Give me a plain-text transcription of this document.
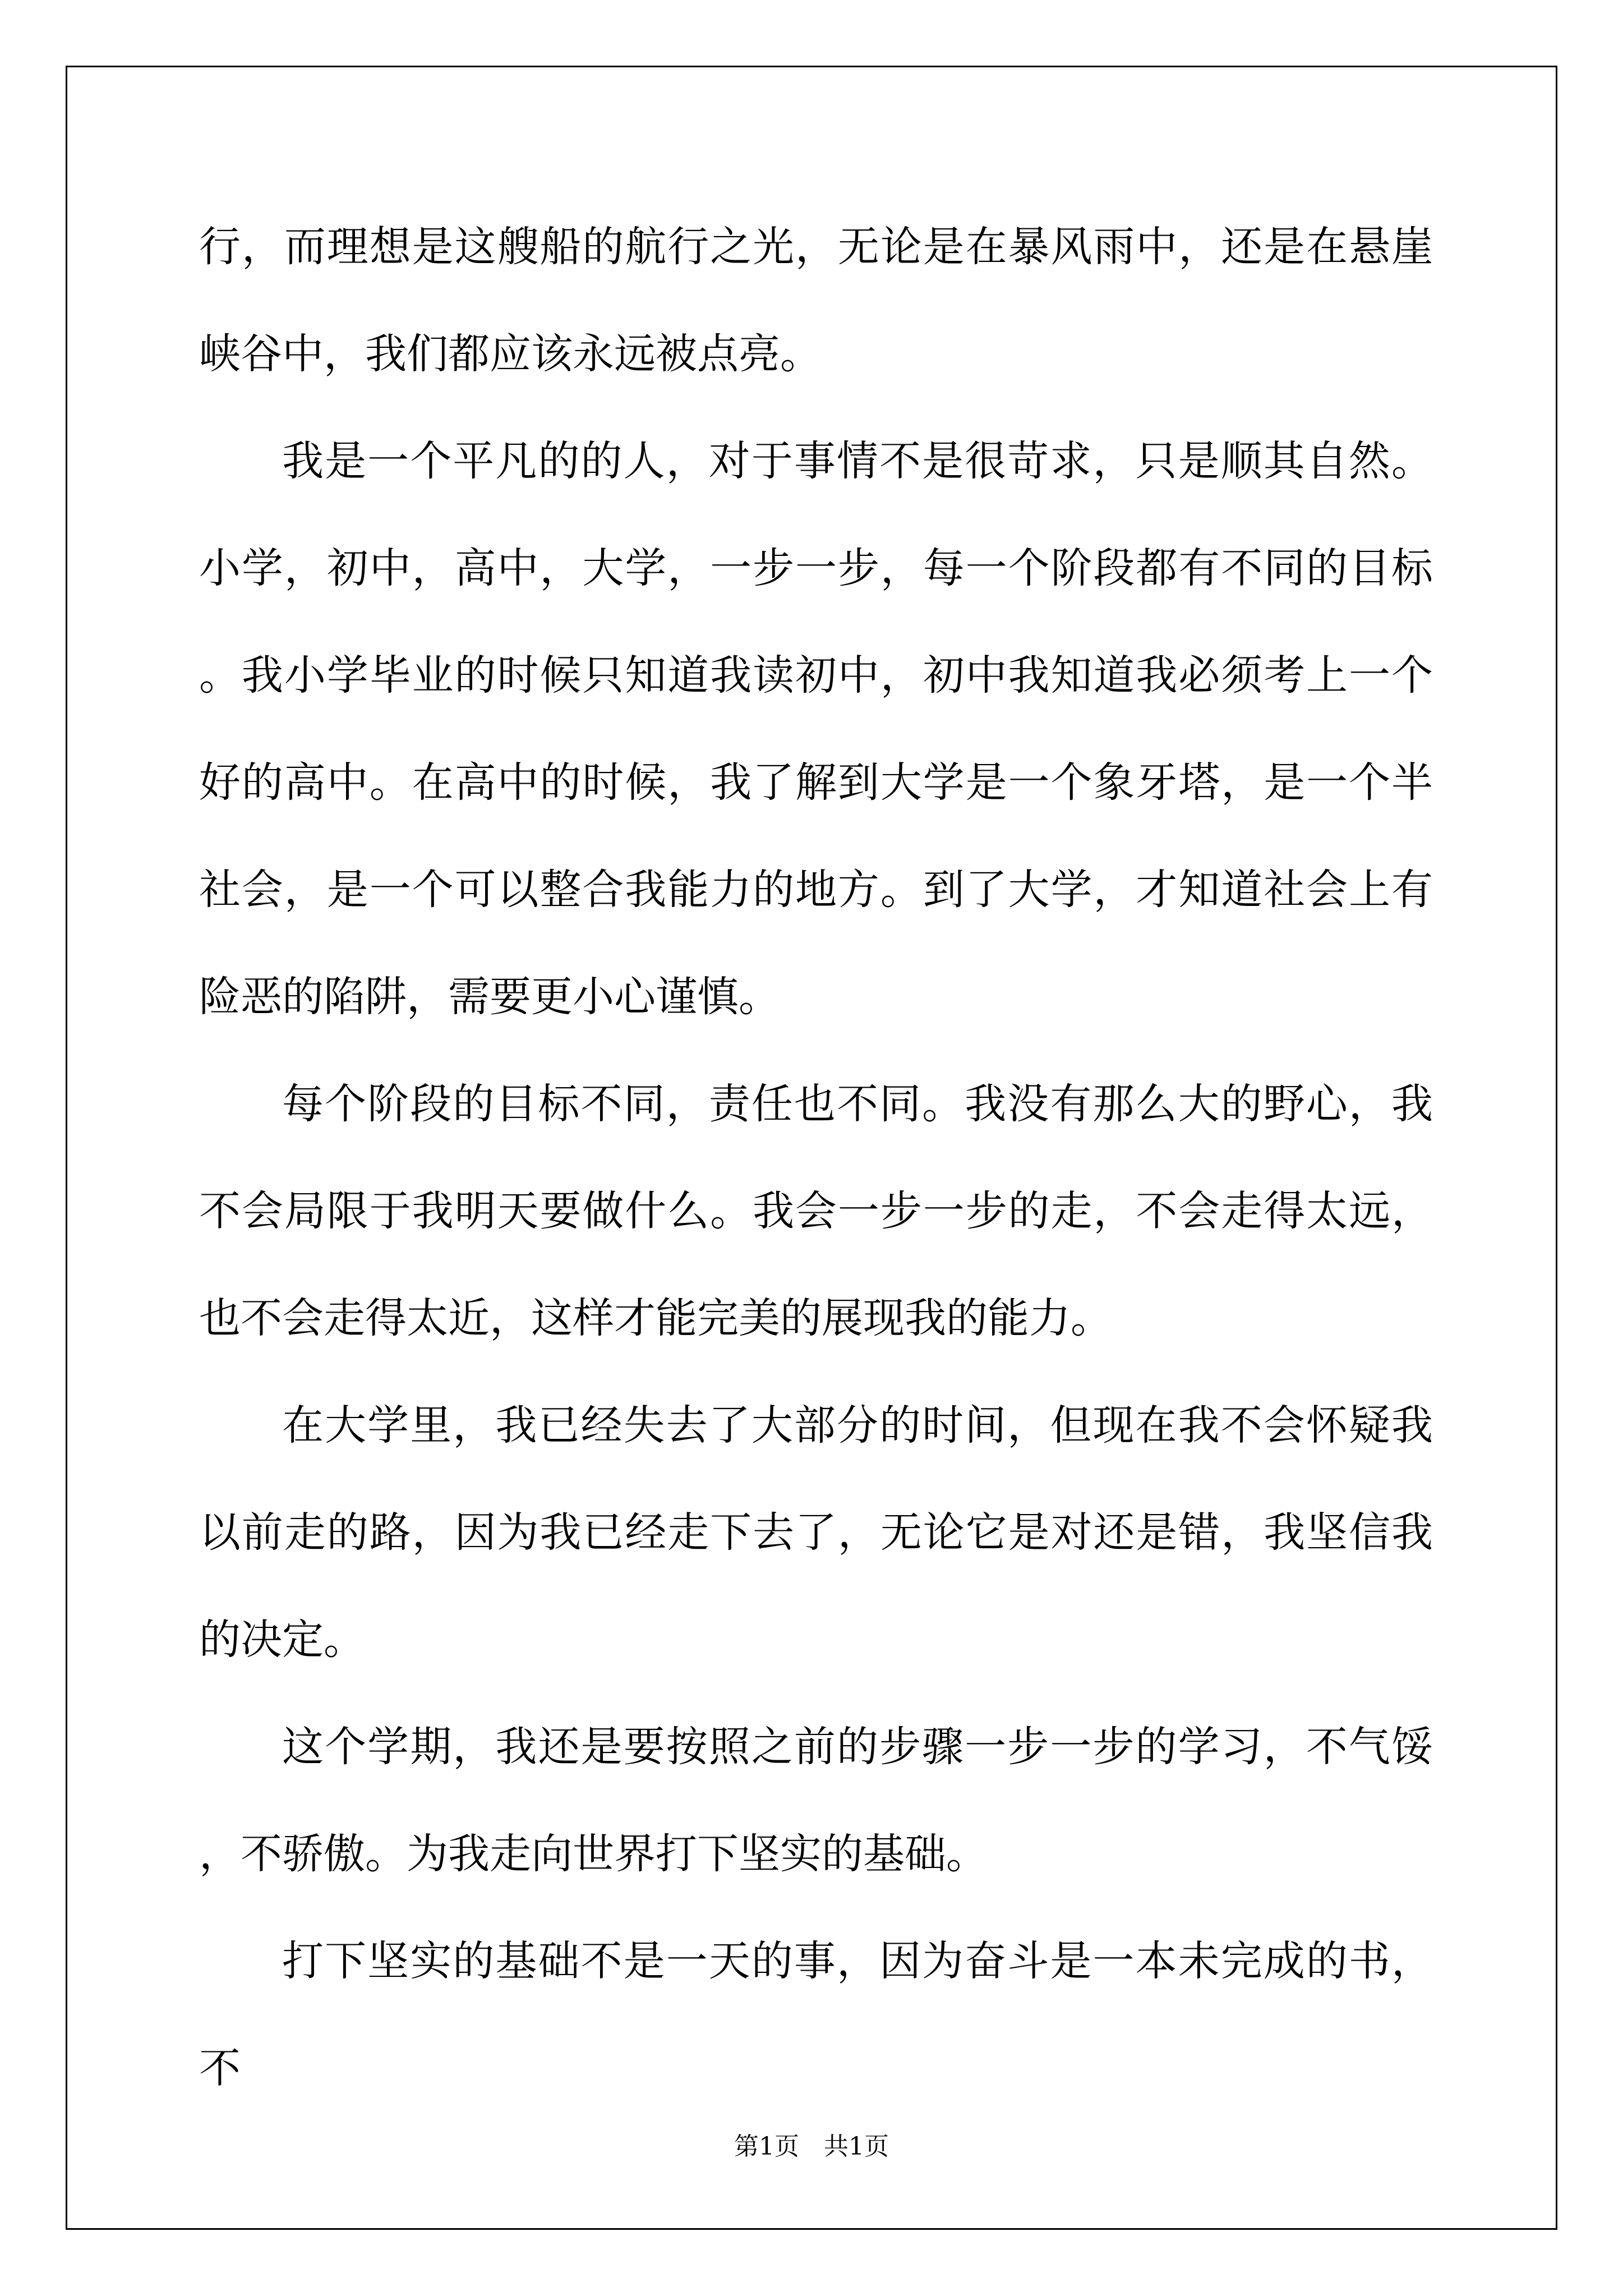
行，而理想是这艘船的航行之光，无论是在暴风雨中，还是在悬崖峡谷中，我们都应该永远被点亮。

我是一个平凡的的人，对于事情不是很苛求，只是顺其自然。小学，初中，高中，大学，一步一步，每一个阶段都有不同的目标。我小学毕业的时候只知道我读初中，初中我知道我必须考上一个好的高中。在高中的时候，我了解到大学是一个象牙塔，是一个半社会，是一个可以整合我能力的地方。到了大学，才知道社会上有险恶的陷阱，需要更小心谨慎。

每个阶段的目标不同，责任也不同。我没有那么大的野心，我不会局限于我明天要做什么。我会一步一步的走，不会走得太远，也不会走得太近，这样才能完美的展现我的能力。

在大学里，我已经失去了大部分的时间，但现在我不会怀疑我以前走的路，因为我已经走下去了，无论它是对还是错，我坚信我的决定。

这个学期，我还是要按照之前的步骤一步一步的学习，不气馁，不骄傲。为我走向世界打下坚实的基础。

打下坚实的基础不是一天的事，因为奋斗是一本未完成的书，不

第1页 共1页
